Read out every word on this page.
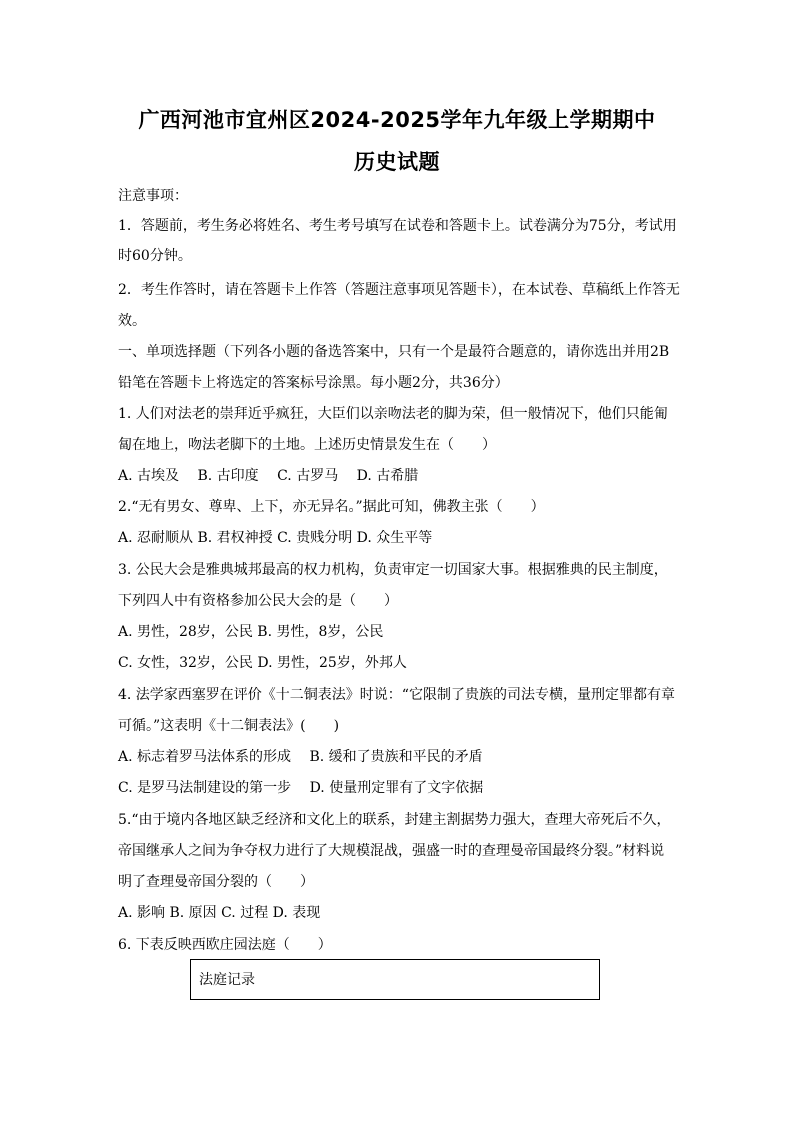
广西河池市宜州区2024-2025学年九年级上学期期中
历史试题
注意事项：
1．答题前，考生务必将姓名、考生考号填写在试卷和答题卡上。试卷满分为75分，考试用
时60分钟。
2．考生作答时，请在答题卡上作答（答题注意事项见答题卡），在本试卷、草稿纸上作答无
效。
一、单项选择题（下列各小题的备选答案中，只有一个是最符合题意的，请你选出并用2B
铅笔在答题卡上将选定的答案标号涂黑。每小题2分，共36分）
1. 人们对法老的崇拜近乎疯狂，大臣们以亲吻法老的脚为荣，但一般情况下，他们只能匍
匐在地上，吻法老脚下的土地。上述历史情景发生在（　　）
A. 古埃及　 B. 古印度　 C. 古罗马　 D. 古希腊
2.“无有男女、尊卑、上下，亦无异名。”据此可知，佛教主张（　　）
A. 忍耐顺从 B. 君权神授 C. 贵贱分明 D. 众生平等
3. 公民大会是雅典城邦最高的权力机构，负责审定一切国家大事。根据雅典的民主制度，
下列四人中有资格参加公民大会的是（　　）
A. 男性，28岁，公民 B. 男性，8岁，公民
C. 女性，32岁，公民 D. 男性，25岁，外邦人
4. 法学家西塞罗在评价《十二铜表法》时说：“它限制了贵族的司法专横，量刑定罪都有章
可循。”这表明《十二铜表法》(　　)
A. 标志着罗马法体系的形成　 B. 缓和了贵族和平民的矛盾
C. 是罗马法制建设的第一步　 D. 使量刑定罪有了文字依据
5.“由于境内各地区缺乏经济和文化上的联系，封建主割据势力强大，查理大帝死后不久，
帝国继承人之间为争夺权力进行了大规模混战，强盛一时的查理曼帝国最终分裂。”材料说
明了查理曼帝国分裂的（　　）
A. 影响 B. 原因 C. 过程 D. 表现
6. 下表反映西欧庄园法庭（　　）
法庭记录
